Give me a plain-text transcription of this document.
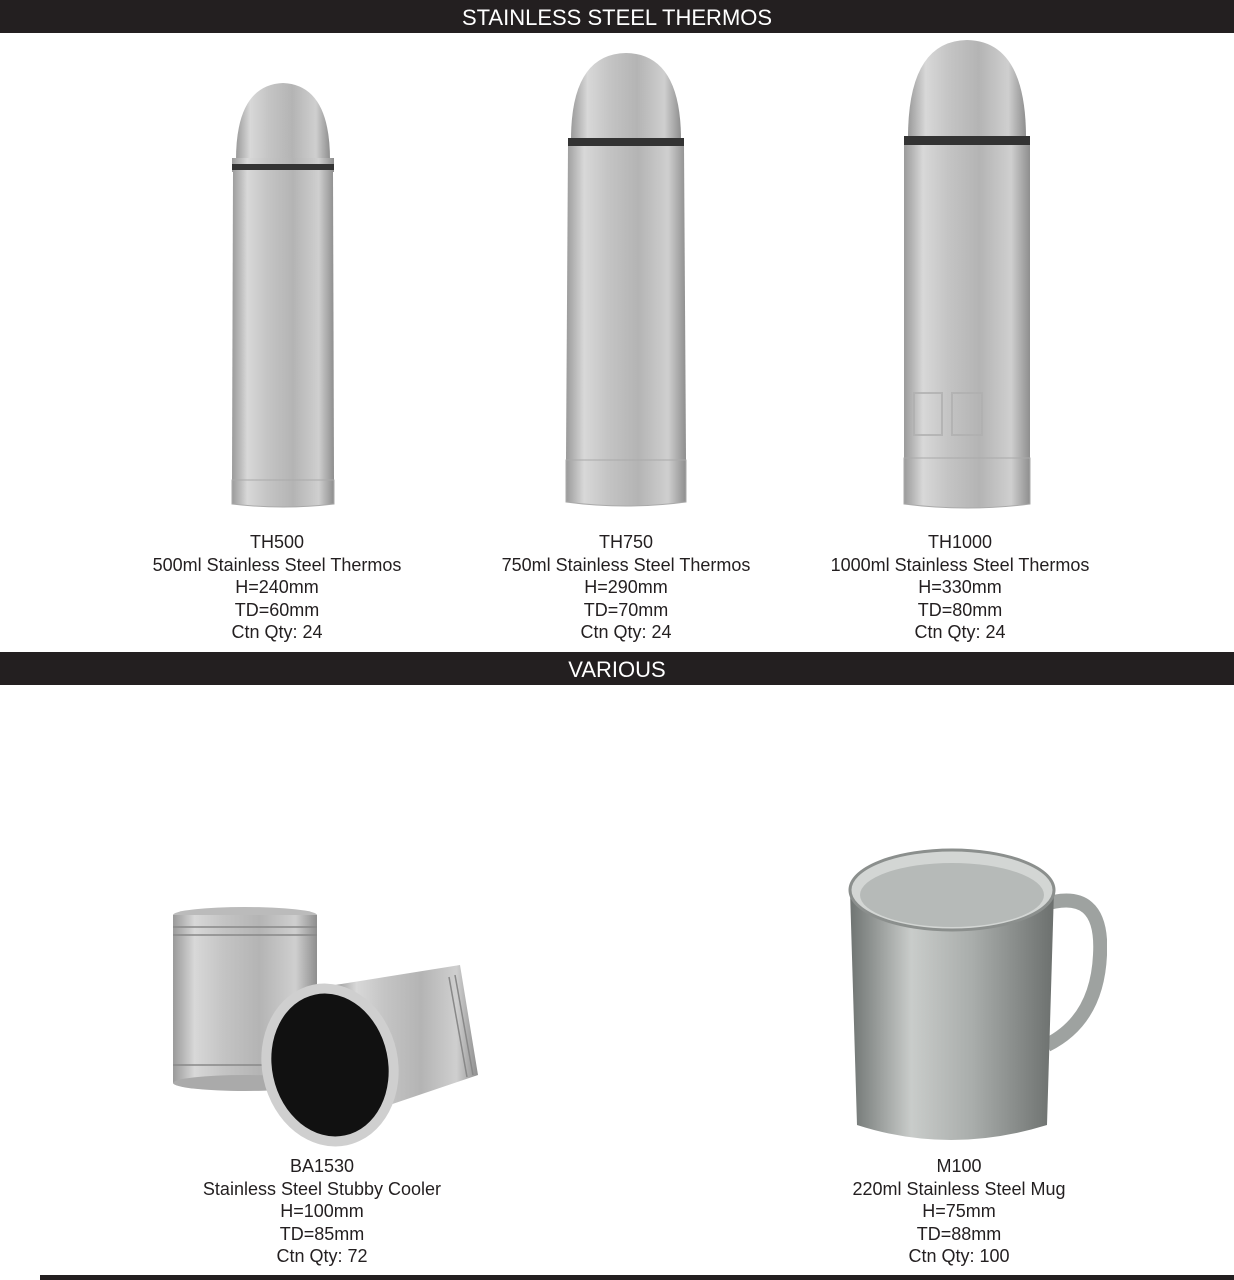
STAINLESS STEEL THERMOS
VARIOUS
TH500
500ml Stainless Steel Thermos
H=240mm
TD=60mm
Ctn Qty: 24
TH750
750ml Stainless Steel Thermos
H=290mm
TD=70mm
Ctn Qty: 24
TH1000
1000ml Stainless Steel Thermos
H=330mm
TD=80mm
Ctn Qty: 24
BA1530
Stainless Steel Stubby Cooler
H=100mm
TD=85mm
Ctn Qty: 72
M100
220ml Stainless Steel Mug
H=75mm
TD=88mm
Ctn Qty: 100
